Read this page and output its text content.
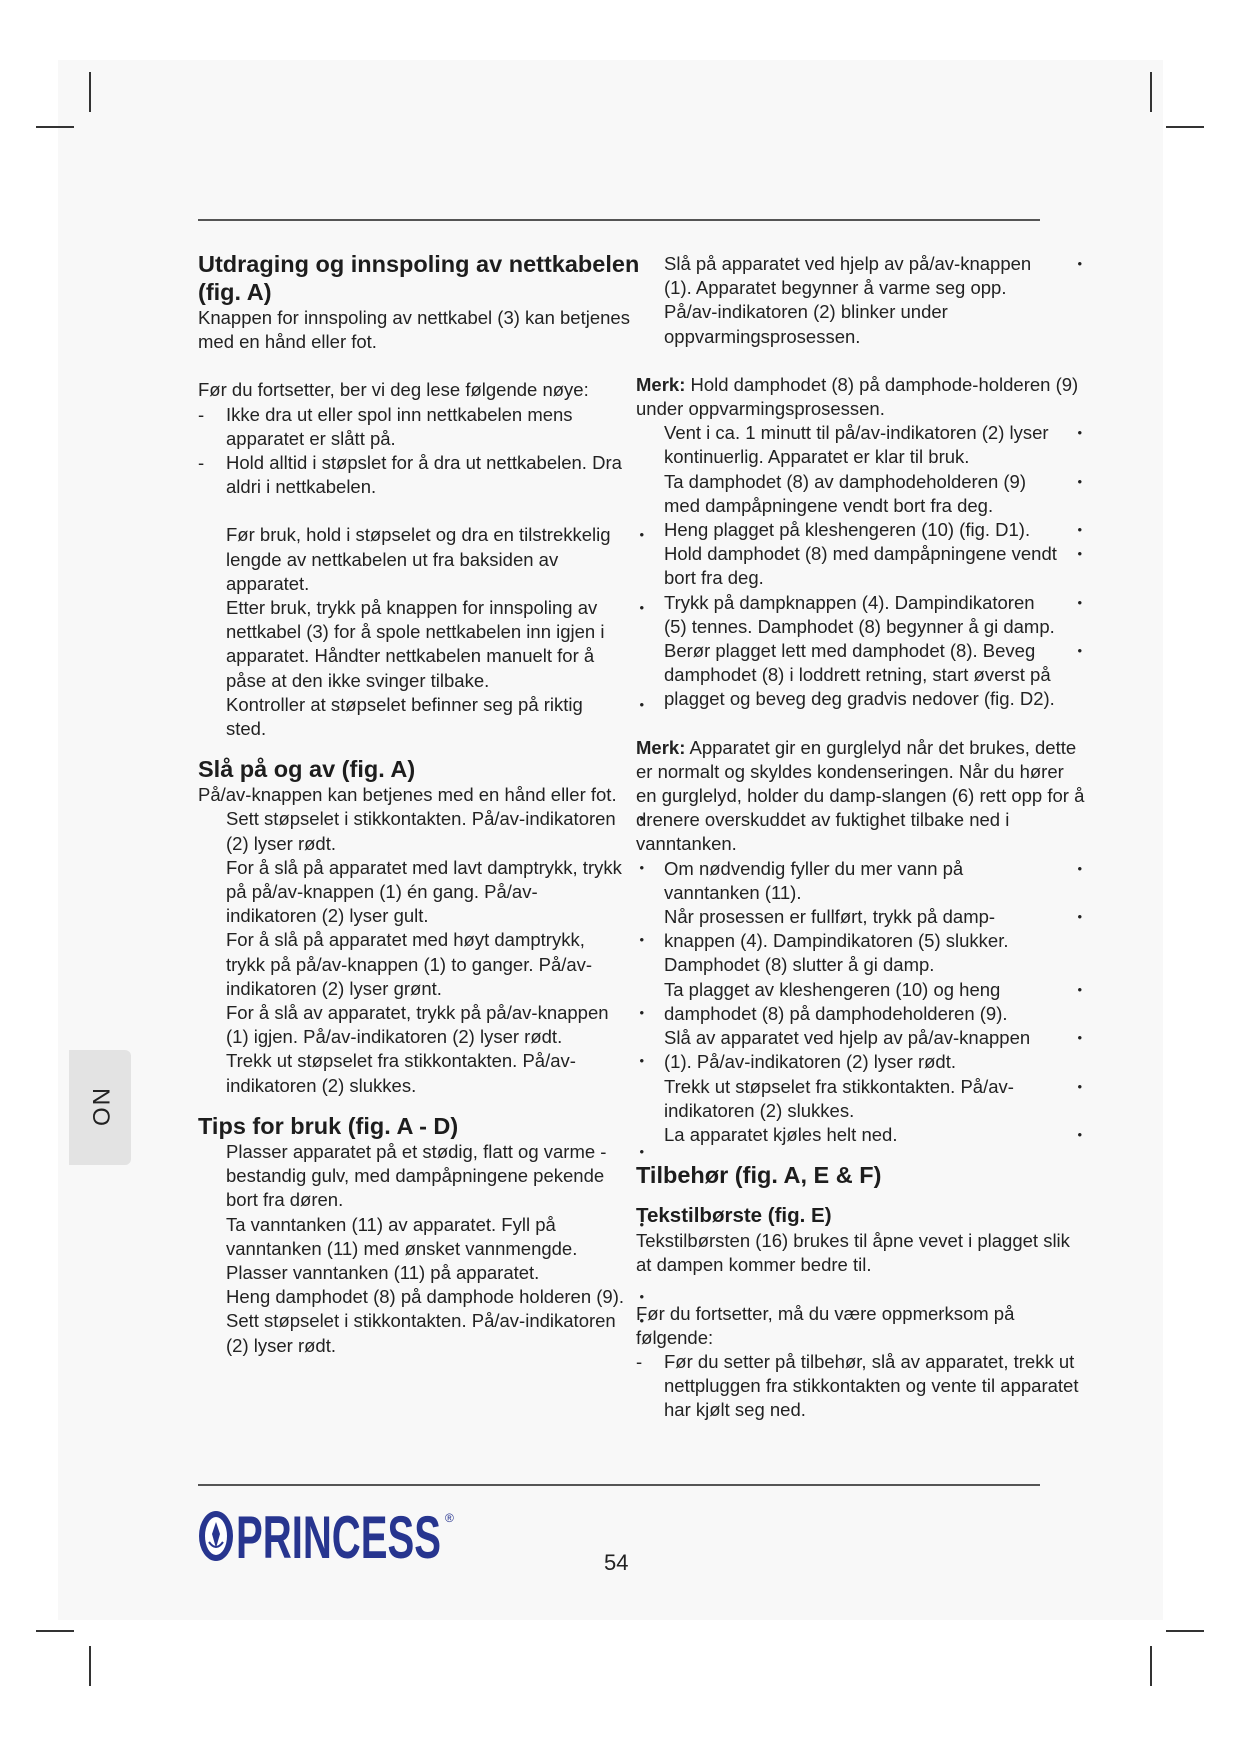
NO
Utdraging og innspoling av nettkabelen (fig. A)

Knappen for innspoling av nettkabel (3) kan betjenes med en hånd eller fot.

Før du fortsetter, ber vi deg lese følgende nøye:

- Ikke dra ut eller spol inn nettkabelen mens apparatet er slått på.

- Hold alltid i støpslet for å dra ut nettkabelen. Dra aldri i nettkabelen.

Før bruk, hold i støpselet og dra en tilstrekkelig lengde av nettkabelen ut fra baksiden av apparatet. •

Etter bruk, trykk på knappen for innspoling av nettkabel (3) for å spole nettkabelen inn igjen i apparatet. Håndter nettkabelen manuelt for å påse at den ikke svinger tilbake. •

Kontroller at støpselet befinner seg på riktig sted. •

Slå på og av (fig. A)

På/av-knappen kan betjenes med en hånd eller fot.

Sett støpselet i stikkontakten. På/av-indikatoren (2) lyser rødt. •

For å slå på apparatet med lavt damptrykk, trykk på på/av-knappen (1) én gang. På/av-indikatoren (2) lyser gult. •

For å slå på apparatet med høyt damptrykk, trykk på på/av-knappen (1) to ganger. På/av-indikatoren (2) lyser grønt. •

For å slå av apparatet, trykk på på/av-knappen (1) igjen. På/av-indikatoren (2) lyser rødt. •

Trekk ut støpselet fra stikkontakten. På/av-indikatoren (2) slukkes. •

Tips for bruk (fig. A - D)

Plasser apparatet på et stødig, flatt og varme - bestandig gulv, med dampåpningene pekende bort fra døren. •

Ta vanntanken (11) av apparatet. Fyll på vanntanken (11) med ønsket vannmengde. Plasser vanntanken (11) på apparatet. •

Heng damphodet (8) på damphode holderen (9). •

Sett støpselet i stikkontakten. På/av-indikatoren (2) lyser rødt. •

Slå på apparatet ved hjelp av på/av-knappen (1). Apparatet begynner å varme seg opp. På/av-indikatoren (2) blinker under oppvarmingsprosessen. •

Merk: Hold damphodet (8) på damphode-holderen (9) under oppvarmingsprosessen.

Vent i ca. 1 minutt til på/av-indikatoren (2) lyser kontinuerlig. Apparatet er klar til bruk. •

Ta damphodet (8) av damphodeholderen (9) med dampåpningene vendt bort fra deg. •

Heng plagget på kleshengeren (10) (fig. D1). •

Hold damphodet (8) med dampåpningene vendt bort fra deg. •

Trykk på dampknappen (4). Dampindikatoren (5) tennes. Damphodet (8) begynner å gi damp. •

Berør plagget lett med damphodet (8). Beveg damphodet (8) i loddrett retning, start øverst på plagget og beveg deg gradvis nedover (fig. D2). •

Merk: Apparatet gir en gurglelyd når det brukes, dette er normalt og skyldes kondenseringen. Når du hører en gurglelyd, holder du damp-slangen (6) rett opp for å drenere overskuddet av fuktighet tilbake ned i vanntanken.

Om nødvendig fyller du mer vann på vanntanken (11). •

Når prosessen er fullført, trykk på damp-knappen (4). Dampindikatoren (5) slukker. Damphodet (8) slutter å gi damp. •

Ta plagget av kleshengeren (10) og heng damphodet (8) på damphodeholderen (9). •

Slå av apparatet ved hjelp av på/av-knappen (1). På/av-indikatoren (2) lyser rødt. •

Trekk ut støpselet fra stikkontakten. På/av-indikatoren (2) slukkes. •

La apparatet kjøles helt ned. •

Tilbehør (fig. A, E & F)
Tekstilbørste (fig. E)

Tekstilbørsten (16) brukes til åpne vevet i plagget slik at dampen kommer bedre til.

Før du fortsetter, må du være oppmerksom på følgende:

- Før du setter på tilbehør, slå av apparatet, trekk ut nettpluggen fra stikkontakten og vente til apparatet har kjølt seg ned.

PRINCESS ®
54
